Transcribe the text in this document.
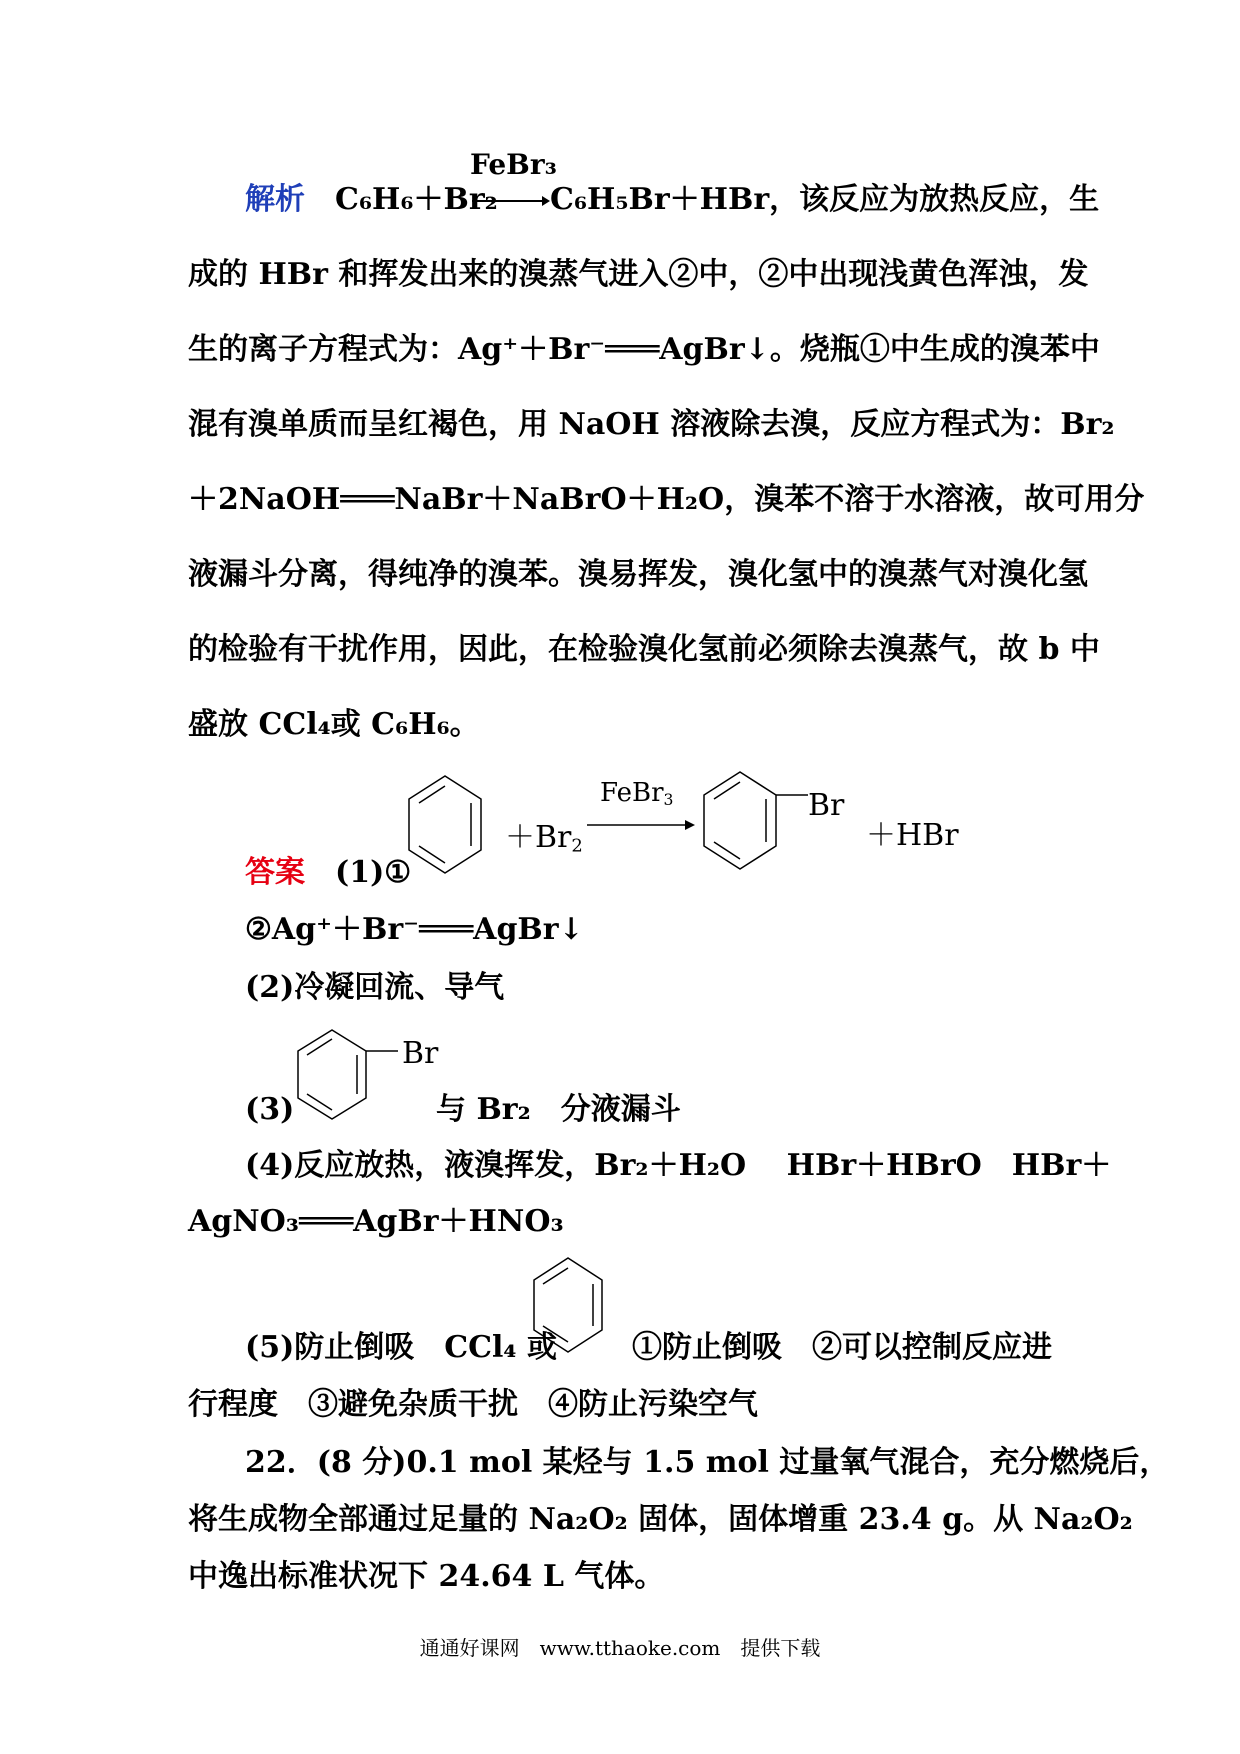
FeBr₃
解析 C₆H₆＋Br₂ → C₆H₅Br＋HBr，该反应为放热反应，生
成的 HBr 和挥发出来的溴蒸气进入②中，②中出现浅黄色浑浊，发
生的离子方程式为：Ag⁺＋Br⁻═══AgBr↓。烧瓶①中生成的溴苯中
混有溴单质而呈红褐色，用 NaOH 溶液除去溴，反应方程式为：Br₂
＋2NaOH═══NaBr＋NaBrO＋H₂O，溴苯不溶于水溶液，故可用分
液漏斗分离，得纯净的溴苯。溴易挥发，溴化氢中的溴蒸气对溴化氢
的检验有干扰作用，因此，在检验溴化氢前必须除去溴蒸气，故 b 中
盛放 CCl₄或 C₆H₆。
$+Br_2$
FeBr$_3$	Br
＋HBr
答案 (1)①
②Ag⁺＋Br⁻═══AgBr↓
(2)冷凝回流、导气
Br
(3)	与 Br₂　分液漏斗
(4)反应放热，液溴挥发，Br₂＋H₂O　 HBr＋HBrO　HBr＋
AgNO₃═══AgBr＋HNO₃
(5)防止倒吸　CCl₄ 或	①防止倒吸　②可以控制反应进
行程度　③避免杂质干扰　④防止污染空气
22．(8 分)0.1 mol 某烃与 1.5 mol 过量氧气混合，充分燃烧后，
将生成物全部通过足量的 Na₂O₂ 固体，固体增重 23.4 g。从 Na₂O₂
中逸出标准状况下 24.64 L 气体。
通通好课网　www.tthaoke.com　提供下载
